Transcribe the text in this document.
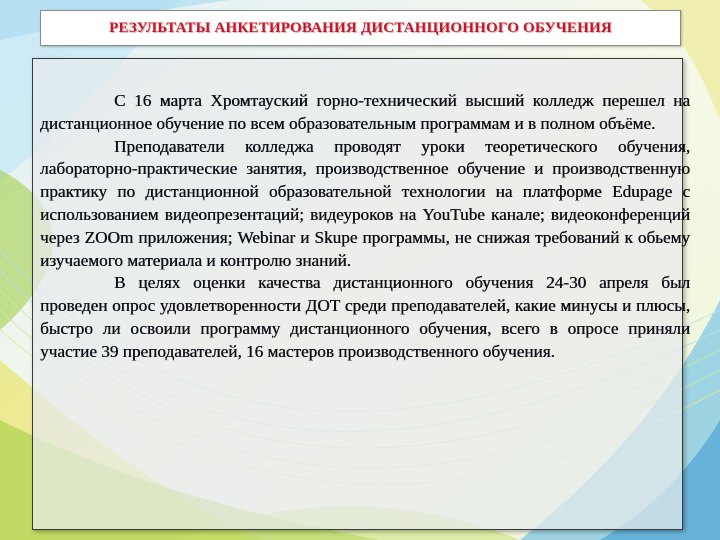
РЕЗУЛЬТАТЫ АНКЕТИРОВАНИЯ ДИСТАНЦИОННОГО ОБУЧЕНИЯ

С 16 марта Хромтауский горно-технический высший колледж перешел на дистанционное обучение по всем образовательным программам и в полном объёме.

Преподаватели колледжа проводят уроки теоретического обучения, лабораторно-практические занятия, производственное обучение и производственную практику по дистанционной образовательной технологии на платформе Edupage с использованием видеопрезентаций; видеуроков на YouTube канале; видеоконференций через ZOOm приложения; Webinar и Skupe программы, не снижая требований к обьему изучаемого материала и контролю знаний.

В целях оценки качества дистанционного обучения 24-30 апреля был проведен опрос удовлетворенности ДОТ среди преподавателей, какие минусы и плюсы, быстро ли освоили программу дистанционного обучения, всего в опросе приняли участие 39 преподавателей, 16 мастеров производственного обучения.
